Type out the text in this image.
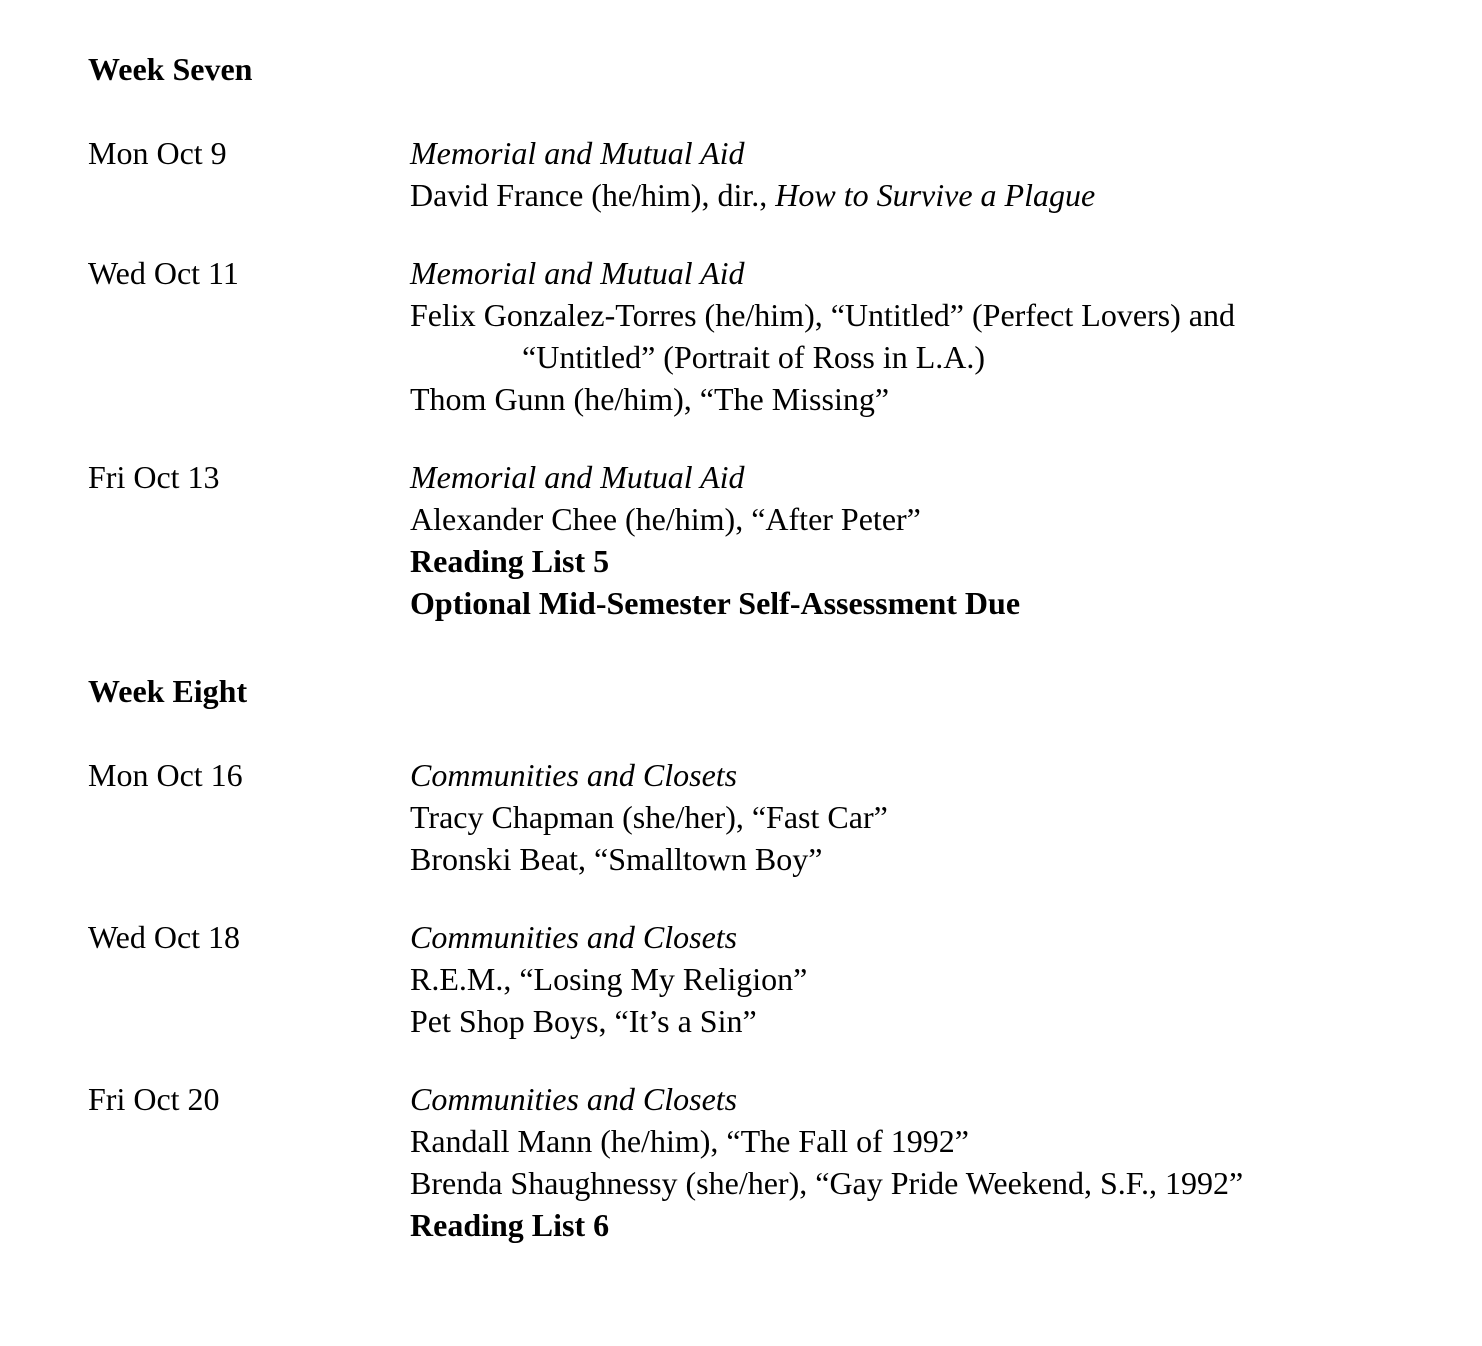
Week Seven
Mon Oct 9	Memorial and Mutual Aid
David France (he/him), dir., How to Survive a Plague
Wed Oct 11	Memorial and Mutual Aid
Felix Gonzalez-Torres (he/him), “Untitled” (Perfect Lovers) and
“Untitled” (Portrait of Ross in L.A.)
Thom Gunn (he/him), “The Missing”
Fri Oct 13	Memorial and Mutual Aid
Alexander Chee (he/him), “After Peter”
Reading List 5
Optional Mid-Semester Self-Assessment Due
Week Eight
Mon Oct 16	Communities and Closets
Tracy Chapman (she/her), “Fast Car”
Bronski Beat, “Smalltown Boy”
Wed Oct 18	Communities and Closets
R.E.M., “Losing My Religion”
Pet Shop Boys, “It’s a Sin”
Fri Oct 20	Communities and Closets
Randall Mann (he/him), “The Fall of 1992”
Brenda Shaughnessy (she/her), “Gay Pride Weekend, S.F., 1992”
Reading List 6
